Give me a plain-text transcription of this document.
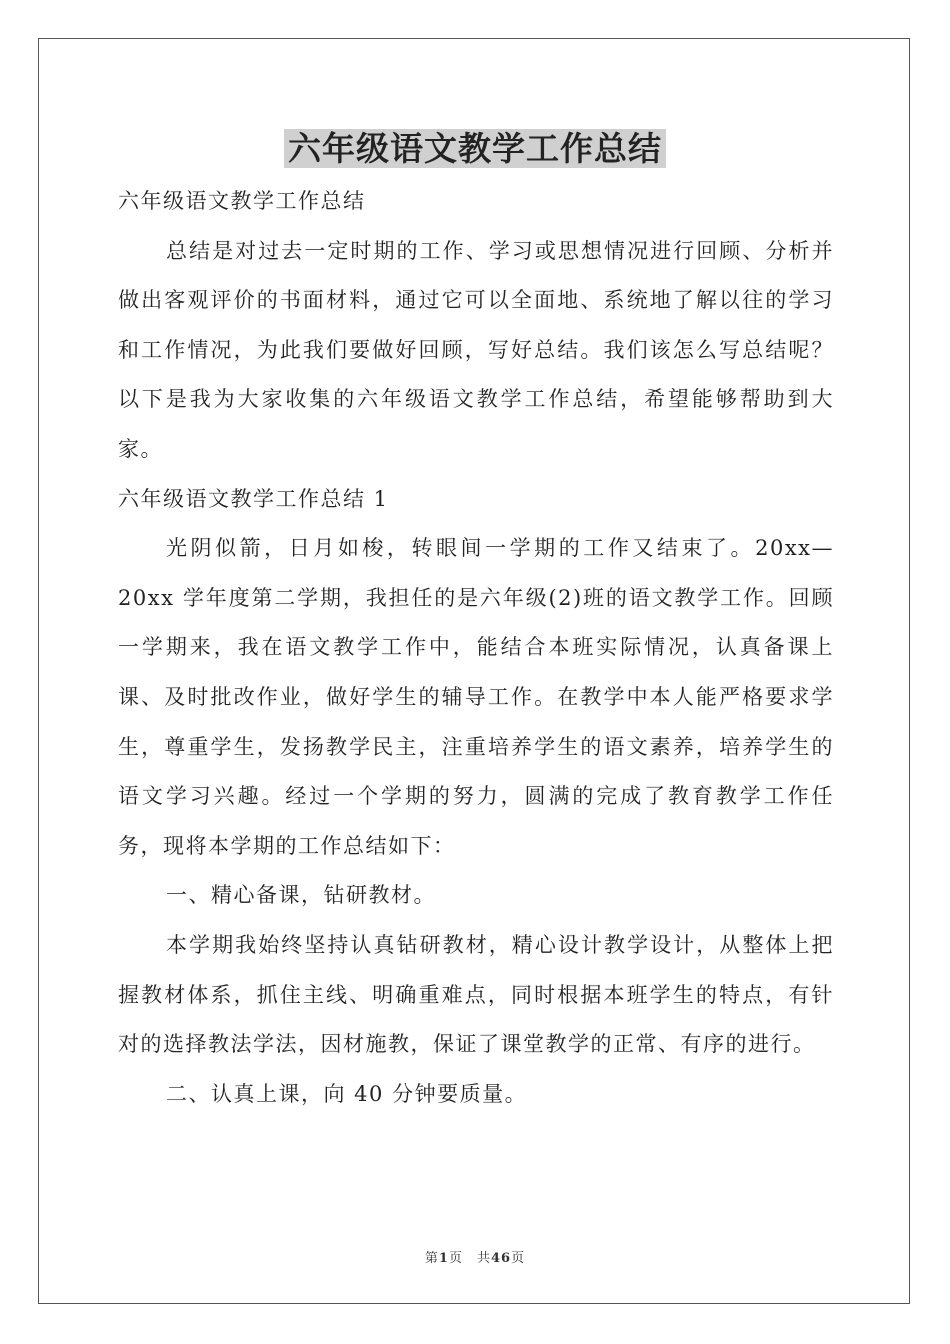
六年级语文教学工作总结

六年级语文教学工作总结

总结是对过去一定时期的工作、学习或思想情况进行回顾、分析并做出客观评价的书面材料，通过它可以全面地、系统地了解以往的学习和工作情况，为此我们要做好回顾，写好总结。我们该怎么写总结呢？以下是我为大家收集的六年级语文教学工作总结，希望能够帮助到大家。

六年级语文教学工作总结 1

光阴似箭，日月如梭，转眼间一学期的工作又结束了。20xx—20xx 学年度第二学期，我担任的是六年级(2)班的语文教学工作。回顾一学期来，我在语文教学工作中，能结合本班实际情况，认真备课上课、及时批改作业，做好学生的辅导工作。在教学中本人能严格要求学生，尊重学生，发扬教学民主，注重培养学生的语文素养，培养学生的语文学习兴趣。经过一个学期的努力，圆满的完成了教育教学工作任务，现将本学期的工作总结如下：

一、精心备课，钻研教材。

本学期我始终坚持认真钻研教材，精心设计教学设计，从整体上把握教材体系，抓住主线、明确重难点，同时根据本班学生的特点，有针对的选择教法学法，因材施教，保证了课堂教学的正常、有序的进行。

二、认真上课，向 40 分钟要质量。

第1页 共46页
